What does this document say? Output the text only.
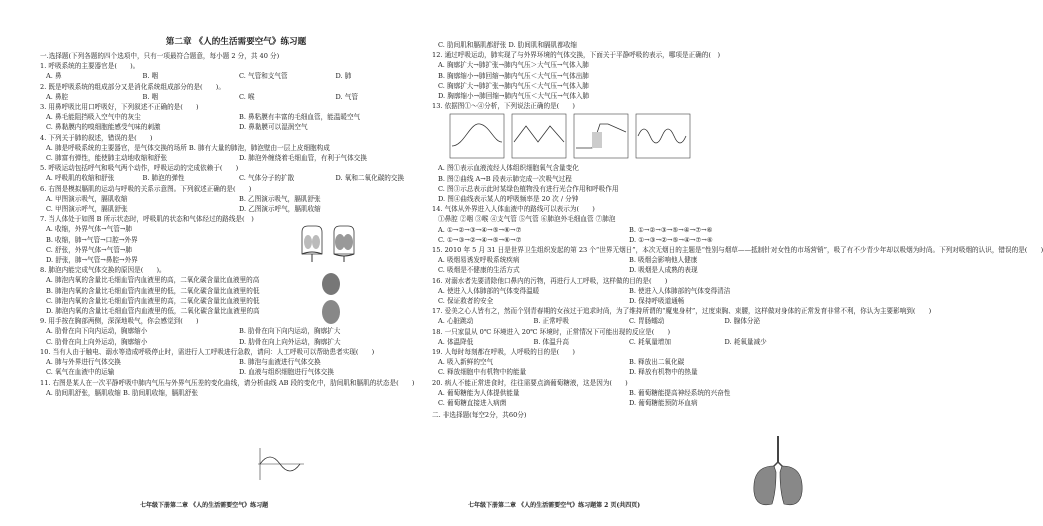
第二章 《人的生活需要空气》练习题
一.选择题(下列各题的四个选项中，只有一项最符合题意，每小题 2 分，共 40 分)
1. 呼吸系统的主要器官是(　　)。
A. 鼻	B. 咽	C. 气管和支气管	D. 肺
2. 既是呼吸系统的组成部分又是消化系统组成部分的是(　　)。
A. 鼻腔	B. 咽	C. 喉	D. 气管
3. 用鼻呼吸比用口呼吸好，下列叙述不正确的是(　　)
A. 鼻毛能阻挡吸入空气中的灰尘	B. 鼻粘膜有丰富的毛细血管，能温暖空气
C. 鼻黏膜内的嗅细胞能感受气味的刺激	D. 鼻黏膜可以湿润空气
4. 下列关于肺的叙述，错误的是(　　)
A. 肺是呼吸系统的主要器官，是气体交换的场所 B. 肺有大量的肺泡，肺泡壁由一层上皮细胞构成
C. 肺富有弹性，能使肺主动地收缩和舒张	D. 肺泡外缠绕着毛细血管，有利于气体交换
5. 呼吸运动包括呼气和吸气两个动作，呼吸运动的完成依赖于(　　)
A. 呼吸肌的收缩和舒张	B. 肺泡的弹性	C. 气体分子的扩散	D. 氧和二氧化碳的交换
6. 右图是模拟膈肌的运动与呼吸的关系示意图。下列叙述正确的是(　　)
A. 甲图演示吸气，膈肌收缩	B. 乙图演示吸气，膈肌舒张
C. 甲图演示呼气，膈肌舒张	D. 乙图演示呼气，膈肌收缩
7. 当人体处于如图 B 所示状态时，呼吸肌的状态和气体经过的路线是(　)
A. 收缩，外界气体→气管→肺
B. 收缩，肺→气管→口腔→外界
C. 舒张，外界气体→气管→肺
D. 舒张，肺→气管→鼻腔→外界
8. 肺泡内能完成气体交换的原因是(　　)。
A. 肺泡内氧的含量比毛细血管内血液里的高，二氧化碳含量比血液里的高
B. 肺泡内氧的含量比毛细血管内血液里的低，二氧化碳含量比血液里的低
C. 肺泡内氧的含量比毛细血管内血液里的高，二氧化碳含量比血液里的低
D. 肺泡内氧的含量比毛细血管内血液里的低，二氧化碳含量比血液里的高
9. 用手按在胸部两侧，深深地吸气，你会感觉到(　　)
A. 肋骨在向下向内运动，胸廓缩小	B. 肋骨在向下向内运动，胸廓扩大
C. 肋骨在向上向外运动，胸廓缩小	D. 肋骨在向上向外运动，胸廓扩大
10. 当有人由于触电、溺水等造成呼吸停止时，需进行人工呼吸进行急救，请问：人工呼吸可以帮助患者实现(　　)
A. 肺与外界进行气体交换	B. 肺泡与血液进行气体交换
C. 氧气在血液中的运输	D. 血液与组织细胞进行气体交换
11. 右图是某人在一次平静呼吸中肺内气压与外界气压差的变化曲线，请分析曲线 AB 段的变化中，肋间肌和膈肌的状态是(　　)
A. 肋间肌舒张，膈肌收缩 B. 肋间肌收缩，膈肌舒张
C. 肋间肌和膈肌都舒张 D. 肋间肌和膈肌都收缩
12. 通过呼吸运动，肺实现了与外界环境的气体交换，下面关于平静呼吸的表示，哪项是正确的(　)
A. 胸廓扩大→肺扩张→肺内气压＞大气压→气体入肺
B. 胸廓缩小→肺回缩→肺内气压＜大气压→气体出肺
C. 胸廓扩大→肺扩张→肺内气压＜大气压→气体入肺
D. 胸廓缩小→肺回缩→肺内气压＜大气压→气体入肺
13. 依据图①～④分析，下列说法正确的是(　　)
A. 图①表示血液流经人体组织细胞氧气含量变化
B. 图②曲线 A→B 段表示肺完成一次吸气过程
C. 图③示总表示此时某绿色植物没有进行光合作用和呼吸作用
D. 图④曲线表示某人的呼吸频率是 20 次 / 分钟
14. 气体从外界进入人体血液中的路线可以表示为(　　)
①鼻腔 ②咽 ③喉 ④支气管 ⑤气管 ⑥肺泡外毛细血管 ⑦肺泡
A. ①→②→③→④→⑤→⑥→⑦	B. ①→②→③→⑤→④→⑦→⑥
C. ①→③→②→④→⑤→⑥→⑦	D. ①→③→②→⑤→④→⑦→⑥
15. 2010 年 5 月 31 日是世界卫生组织发起的第 23 个“世界无烟日”，本次无烟日的主题是“性别与烟草——抵制针对女性的市场营销”，吸了有不少青少年却以吸烟为时尚。下列对吸烟的认识，错误的是(　　)
A. 吸烟易诱发呼吸系统疾病	B. 吸烟会影响他人健康
C. 吸烟是不健康的生活方式	D. 吸烟是人成熟的表现
16. 对溺水者先要清除他口鼻内的污物，再进行人工呼吸，这样做的目的是(　　)
A. 使进入人体肺部的气体变得温暖	B. 使进入人体肺部的气体变得清洁
C. 保证救者的安全	D. 保持呼吸道通畅
17. 爱美之心人皆有之，然而个别青春期的女孩过于追求时尚，为了维持所谓的“魔鬼身材”，过度束胸、束腰，这样做对身体的正常发育非常不利，你认为主要影响到(　　)
A. 心脏跳动	B. 正常呼吸	C. 胃肠蠕动	D. 腺体分泌
18. 一只家鼠从 0℃ 环境进入 20℃ 环境时，正常情况下可能出现的反应是(　　)
A. 体温降低	B. 体温升高	C. 耗氧量增加	D. 耗氧量减少
19. 人每时每刻都在呼吸，人呼吸的目的是(　　)
A. 吸入新鲜的空气	B. 释放出二氧化碳
C. 释放细胞中有机物中的能量	D. 释放有机物中的热量
20. 病人不能正常进食时，往往需要点滴葡萄糖液，这是因为(　　)
A. 葡萄糖能为人体提供能量	B. 葡萄糖能提高神经系统的兴奋性
C. 葡萄糖直接进入病菌	D. 葡萄糖能预防坏血病
二. 非选择题(每空2分，共60分)
七年级下册第二章 《人的生活需要空气》练习题	七年级下册第二章 《人的生活需要空气》练习题第 2 页(共四页)
